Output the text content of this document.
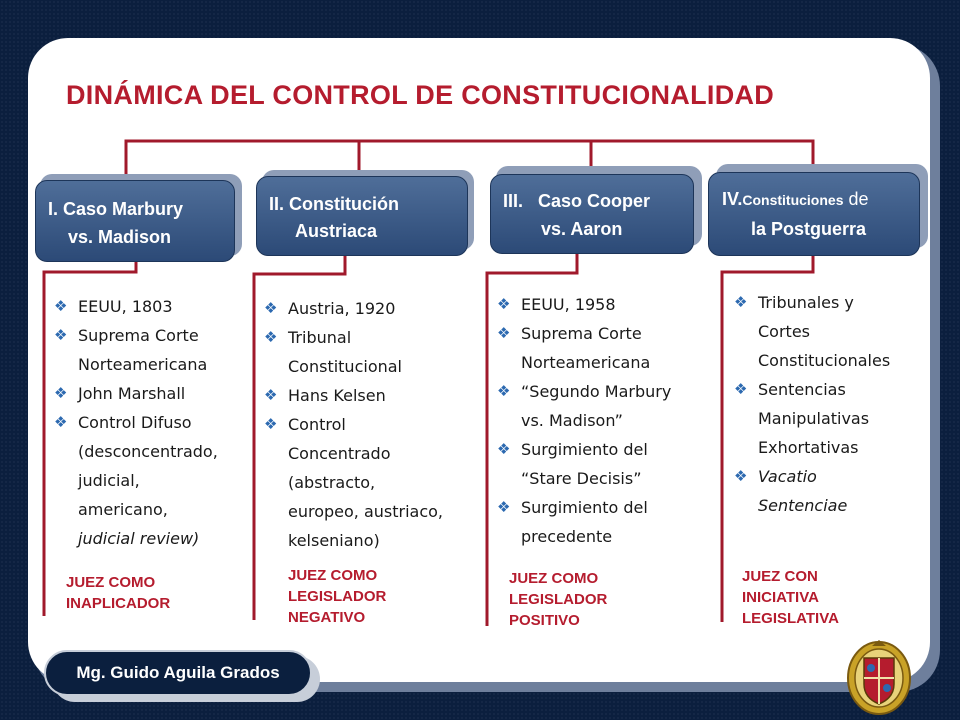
DINÁMICA DEL CONTROL DE CONSTITUCIONALIDAD
I. Caso Marbury
vs. Madison
II. Constitución
Austriaca
III.   Caso Cooper
vs. Aaron
IV.Constituciones de
la Postguerra
❖ EEUU, 1803
❖ Suprema Corte
Norteamericana
❖ John Marshall
❖ Control Difuso
(desconcentrado,
judicial,
americano,
judicial review)
❖ Austria, 1920
❖ Tribunal
Constitucional
❖ Hans Kelsen
❖ Control
Concentrado
(abstracto,
europeo, austriaco,
kelseniano)
❖ EEUU, 1958
❖ Suprema Corte
Norteamericana
❖ “Segundo Marbury
vs. Madison”
❖ Surgimiento del
“Stare Decisis”
❖ Surgimiento del
precedente
❖ Tribunales y
Cortes
Constitucionales
❖ Sentencias
Manipulativas
Exhortativas
❖ Vacatio
Sentenciae
JUEZ COMO
INAPLICADOR
JUEZ COMO
LEGISLADOR
NEGATIVO
JUEZ COMO
LEGISLADOR
POSITIVO
JUEZ CON
INICIATIVA
LEGISLATIVA
Mg. Guido Aguila Grados
